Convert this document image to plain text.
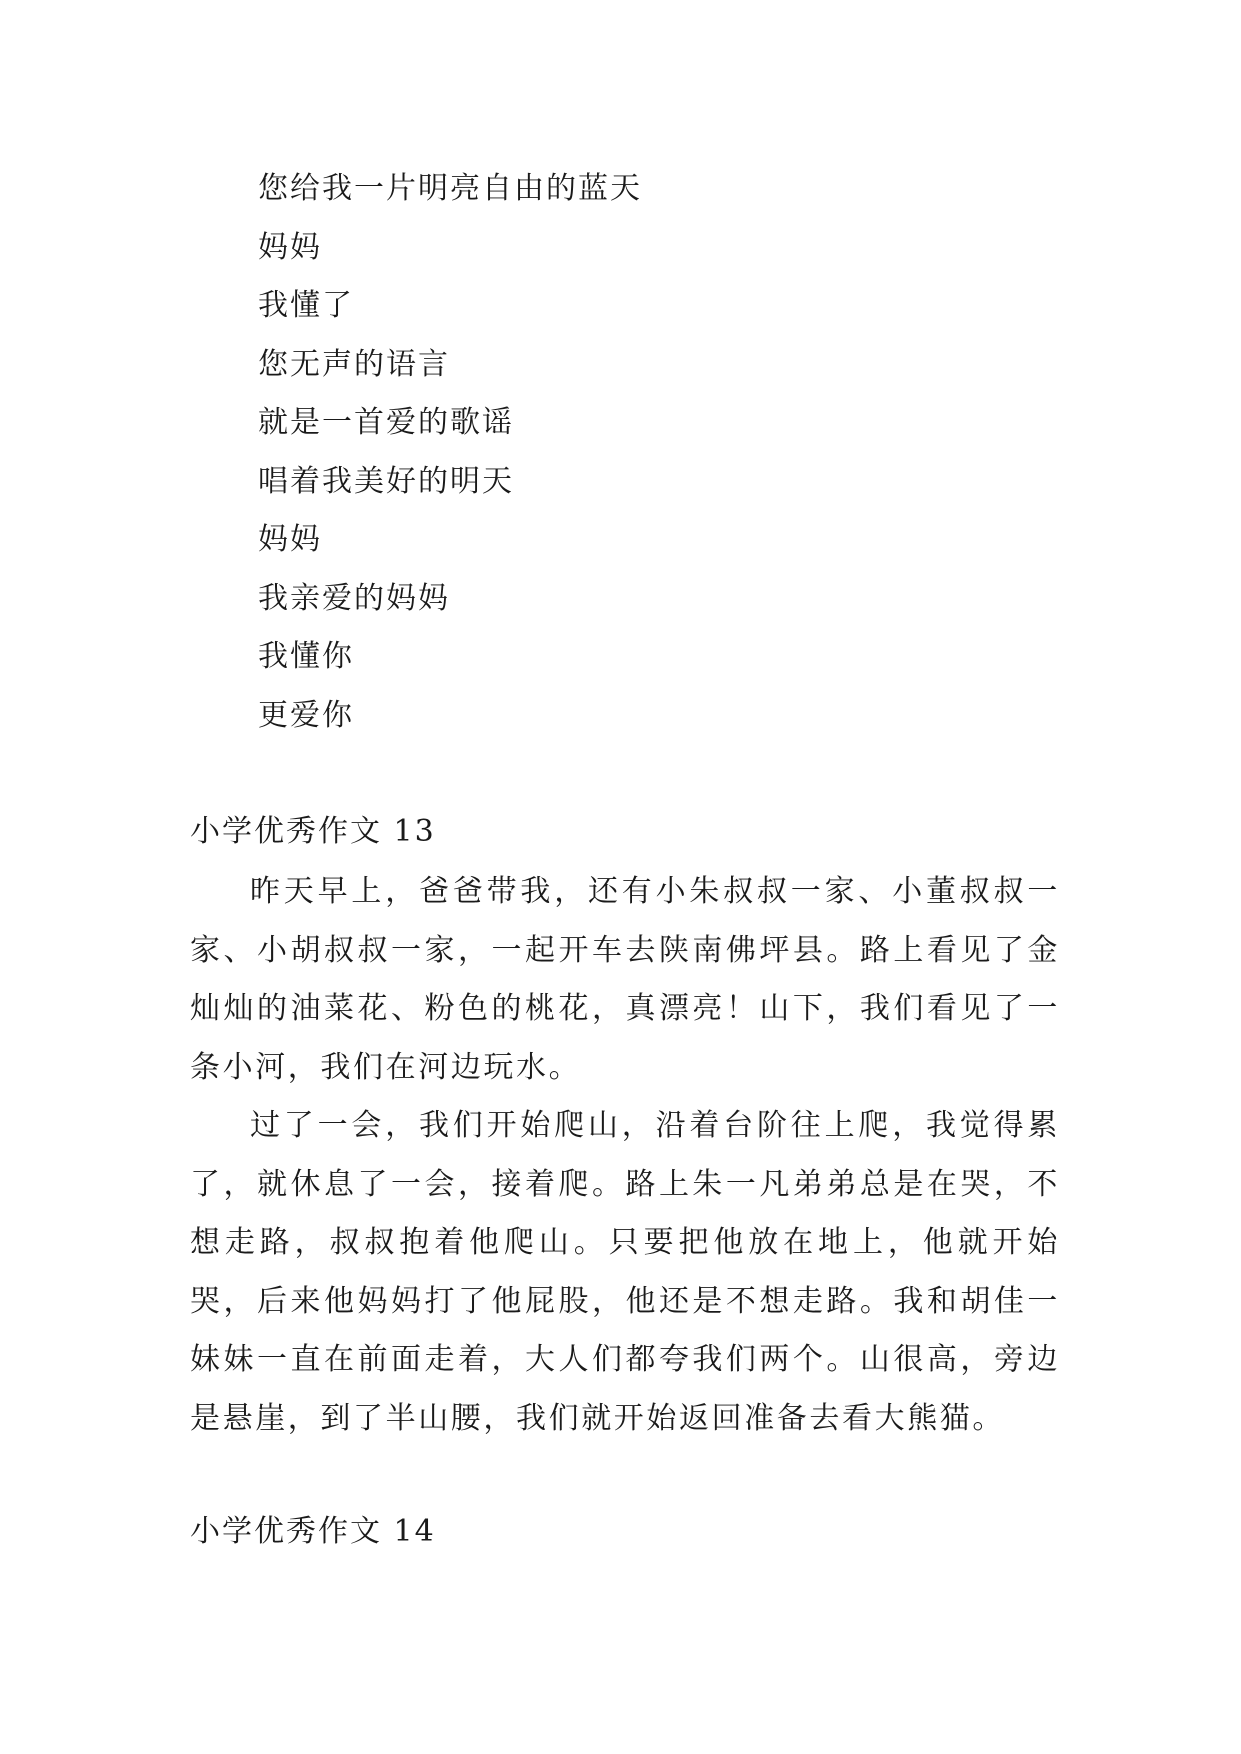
您给我一片明亮自由的蓝天
妈妈
我懂了
您无声的语言
就是一首爱的歌谣
唱着我美好的明天
妈妈
我亲爱的妈妈
我懂你
更爱你
小学优秀作文 13

昨天早上，爸爸带我，还有小朱叔叔一家、小董叔叔一家、小胡叔叔一家，一起开车去陕南佛坪县。路上看见了金灿灿的油菜花、粉色的桃花，真漂亮！山下，我们看见了一条小河，我们在河边玩水。

过了一会，我们开始爬山，沿着台阶往上爬，我觉得累了，就休息了一会，接着爬。路上朱一凡弟弟总是在哭，不想走路，叔叔抱着他爬山。只要把他放在地上，他就开始哭，后来他妈妈打了他屁股，他还是不想走路。我和胡佳一妹妹一直在前面走着，大人们都夸我们两个。山很高，旁边是悬崖，到了半山腰，我们就开始返回准备去看大熊猫。

小学优秀作文 14
